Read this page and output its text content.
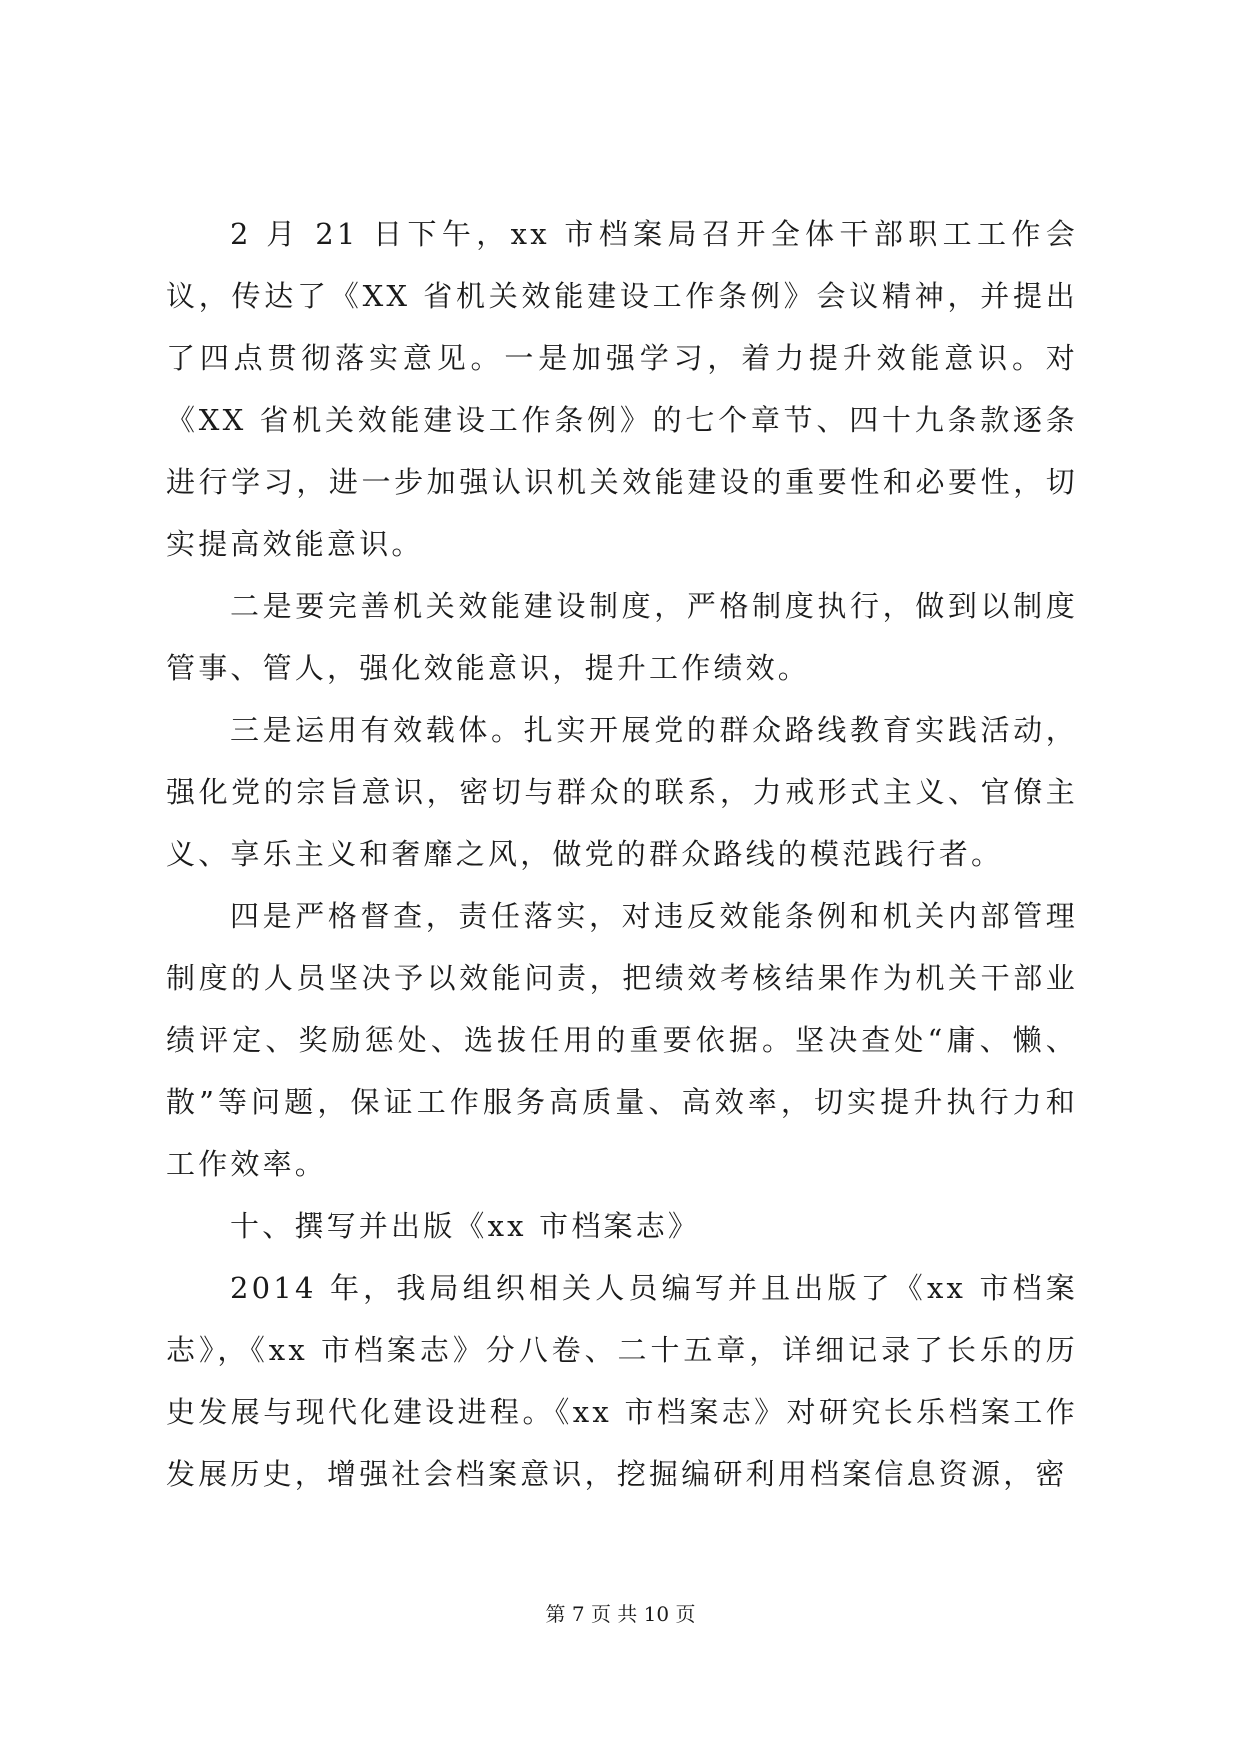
2 月 21 日下午，xx 市档案局召开全体干部职工工作会议，传达了《XX 省机关效能建设工作条例》会议精神，并提出了四点贯彻落实意见。一是加强学习，着力提升效能意识。对《XX 省机关效能建设工作条例》的七个章节、四十九条款逐条进行学习，进一步加强认识机关效能建设的重要性和必要性，切实提高效能意识。

二是要完善机关效能建设制度，严格制度执行，做到以制度管事、管人，强化效能意识，提升工作绩效。

三是运用有效载体。扎实开展党的群众路线教育实践活动，强化党的宗旨意识，密切与群众的联系，力戒形式主义、官僚主义、享乐主义和奢靡之风，做党的群众路线的模范践行者。

四是严格督查，责任落实，对违反效能条例和机关内部管理制度的人员坚决予以效能问责，把绩效考核结果作为机关干部业绩评定、奖励惩处、选拔任用的重要依据。坚决查处“庸、懒、散”等问题，保证工作服务高质量、高效率，切实提升执行力和工作效率。

十、撰写并出版《xx 市档案志》

2014 年，我局组织相关人员编写并且出版了《xx 市档案志》，《xx 市档案志》分八卷、二十五章，详细记录了长乐的历史发展与现代化建设进程。《xx 市档案志》对研究长乐档案工作发展历史，增强社会档案意识，挖掘编研利用档案信息资源，密

第 7 页 共 10 页
